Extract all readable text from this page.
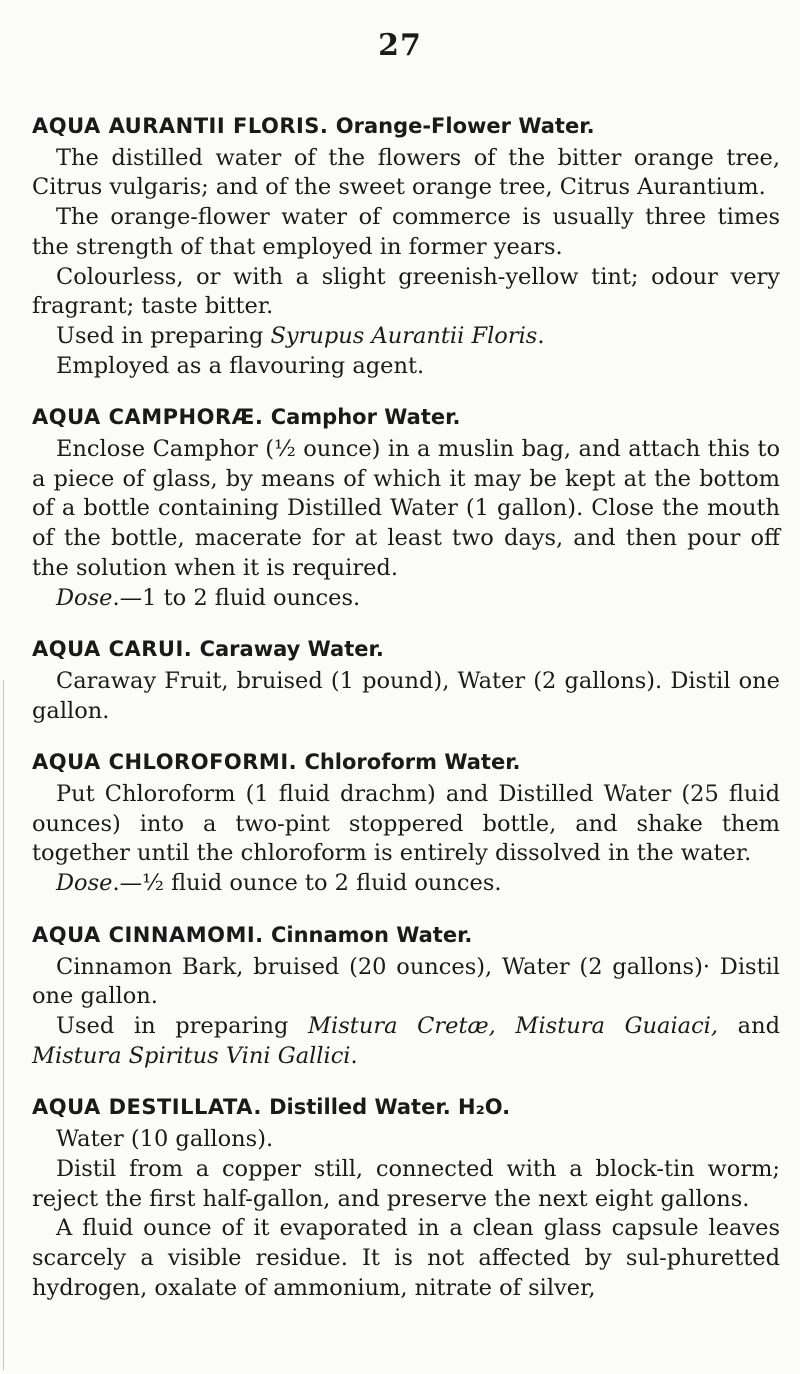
27
AQUA AURANTII FLORIS. Orange-Flower Water.

The distilled water of the flowers of the bitter orange tree, Citrus vulgaris; and of the sweet orange tree, Citrus Aurantium.

The orange-flower water of commerce is usually three times the strength of that employed in former years.

Colourless, or with a slight greenish-yellow tint; odour very fragrant; taste bitter.

Used in preparing Syrupus Aurantii Floris.

Employed as a flavouring agent.

AQUA CAMPHORÆ. Camphor Water.

Enclose Camphor (½ ounce) in a muslin bag, and attach this to a piece of glass, by means of which it may be kept at the bottom of a bottle containing Distilled Water (1 gallon). Close the mouth of the bottle, macerate for at least two days, and then pour off the solution when it is required.

Dose.—1 to 2 fluid ounces.

AQUA CARUI. Caraway Water.

Caraway Fruit, bruised (1 pound), Water (2 gallons). Distil one gallon.

AQUA CHLOROFORMI. Chloroform Water.

Put Chloroform (1 fluid drachm) and Distilled Water (25 fluid ounces) into a two-pint stoppered bottle, and shake them together until the chloroform is entirely dissolved in the water.

Dose.—½ fluid ounce to 2 fluid ounces.

AQUA CINNAMOMI. Cinnamon Water.

Cinnamon Bark, bruised (20 ounces), Water (2 gallons)· Distil one gallon.

Used in preparing Mistura Cretæ, Mistura Guaiaci, and Mistura Spiritus Vini Gallici.

AQUA DESTILLATA. Distilled Water. H₂O.

Water (10 gallons).

Distil from a copper still, connected with a block-tin worm; reject the first half-gallon, and preserve the next eight gallons.

A fluid ounce of it evaporated in a clean glass capsule leaves scarcely a visible residue. It is not affected by sul-phuretted hydrogen, oxalate of ammonium, nitrate of silver,
